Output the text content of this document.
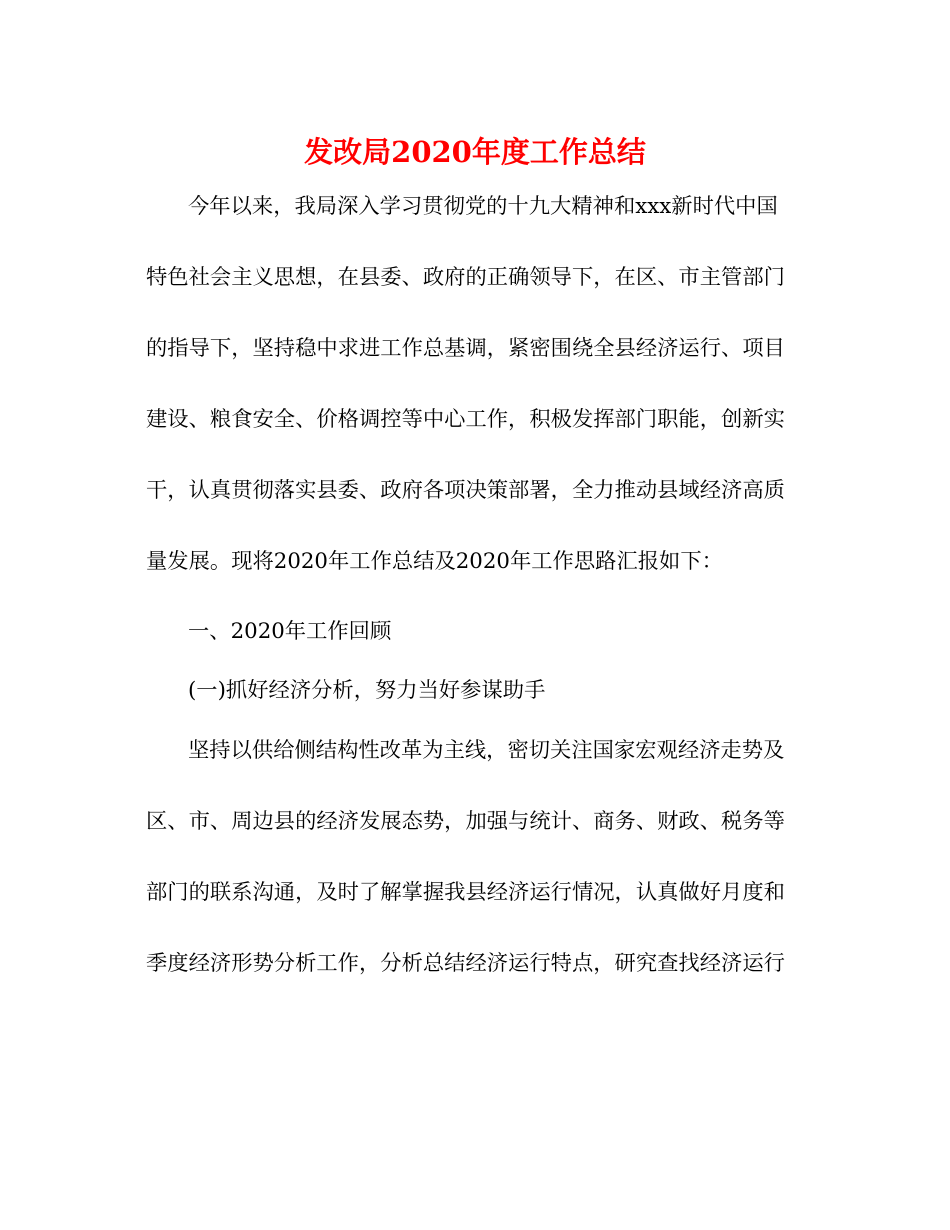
发改局2020年度工作总结
今年以来，我局深入学习贯彻党的十九大精神和xxx新时代中国
特色社会主义思想，在县委、政府的正确领导下，在区、市主管部门
的指导下，坚持稳中求进工作总基调，紧密围绕全县经济运行、项目
建设、粮食安全、价格调控等中心工作，积极发挥部门职能，创新实
干，认真贯彻落实县委、政府各项决策部署，全力推动县域经济高质
量发展。现将2020年工作总结及2020年工作思路汇报如下：
一、2020年工作回顾
(一)抓好经济分析，努力当好参谋助手
坚持以供给侧结构性改革为主线，密切关注国家宏观经济走势及
区、市、周边县的经济发展态势，加强与统计、商务、财政、税务等
部门的联系沟通，及时了解掌握我县经济运行情况，认真做好月度和
季度经济形势分析工作，分析总结经济运行特点，研究查找经济运行
